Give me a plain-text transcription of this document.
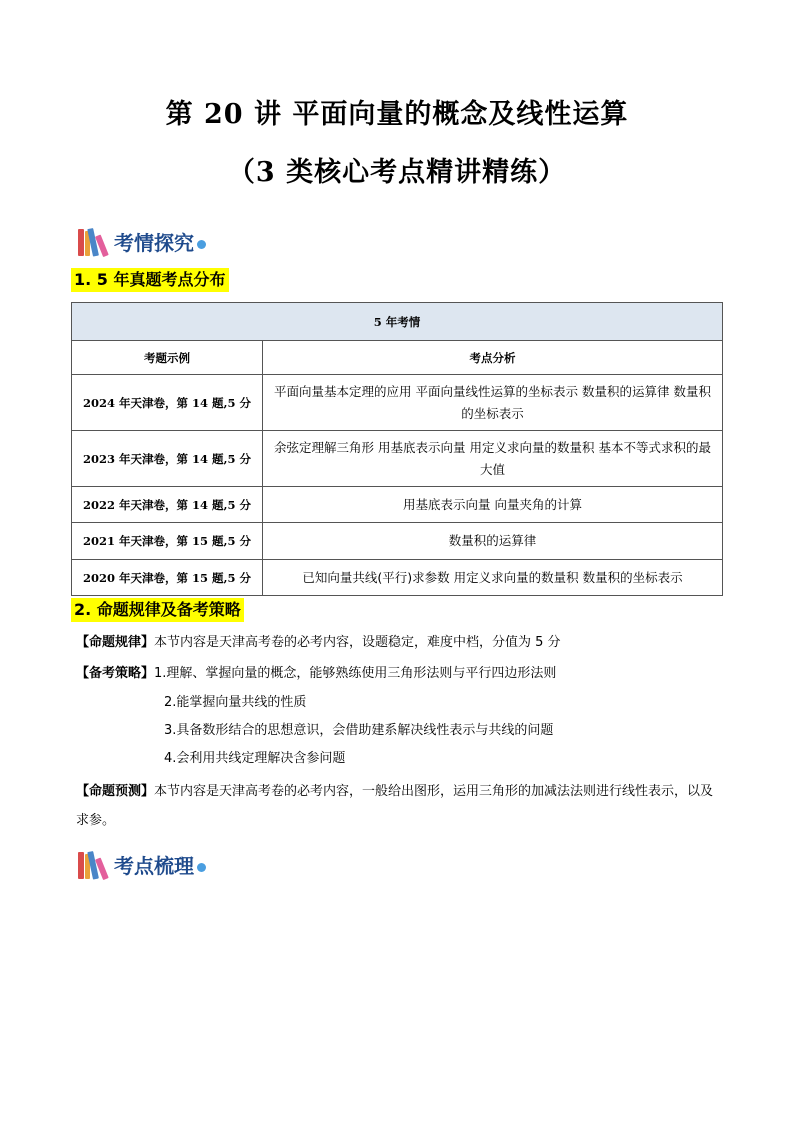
第 20 讲 平面向量的概念及线性运算
（3 类核心考点精讲精练）
考情探究
1. 5 年真题考点分布
5 年考情	
考题示例	考点分析
2024 年天津卷，第 14 题,5 分	平面向量基本定理的应用 平面向量线性运算的坐标表示 数量积的运算律 数量积的坐标表示
2023 年天津卷，第 14 题,5 分	余弦定理解三角形 用基底表示向量 用定义求向量的数量积 基本不等式求积的最大值
2022 年天津卷，第 14 题,5 分	用基底表示向量 向量夹角的计算
2021 年天津卷，第 15 题,5 分	数量积的运算律
2020 年天津卷，第 15 题,5 分	已知向量共线(平行)求参数 用定义求向量的数量积 数量积的坐标表示
2. 命题规律及备考策略
【命题规律】本节内容是天津高考卷的必考内容，设题稳定，难度中档，分值为 5 分
【备考策略】1.理解、掌握向量的概念，能够熟练使用三角形法则与平行四边形法则
2.能掌握向量共线的性质
3.具备数形结合的思想意识，会借助建系解决线性表示与共线的问题
4.会利用共线定理解决含参问题
【命题预测】本节内容是天津高考卷的必考内容，一般给出图形，运用三角形的加减法法则进行线性表示，以及求参。
考点梳理
